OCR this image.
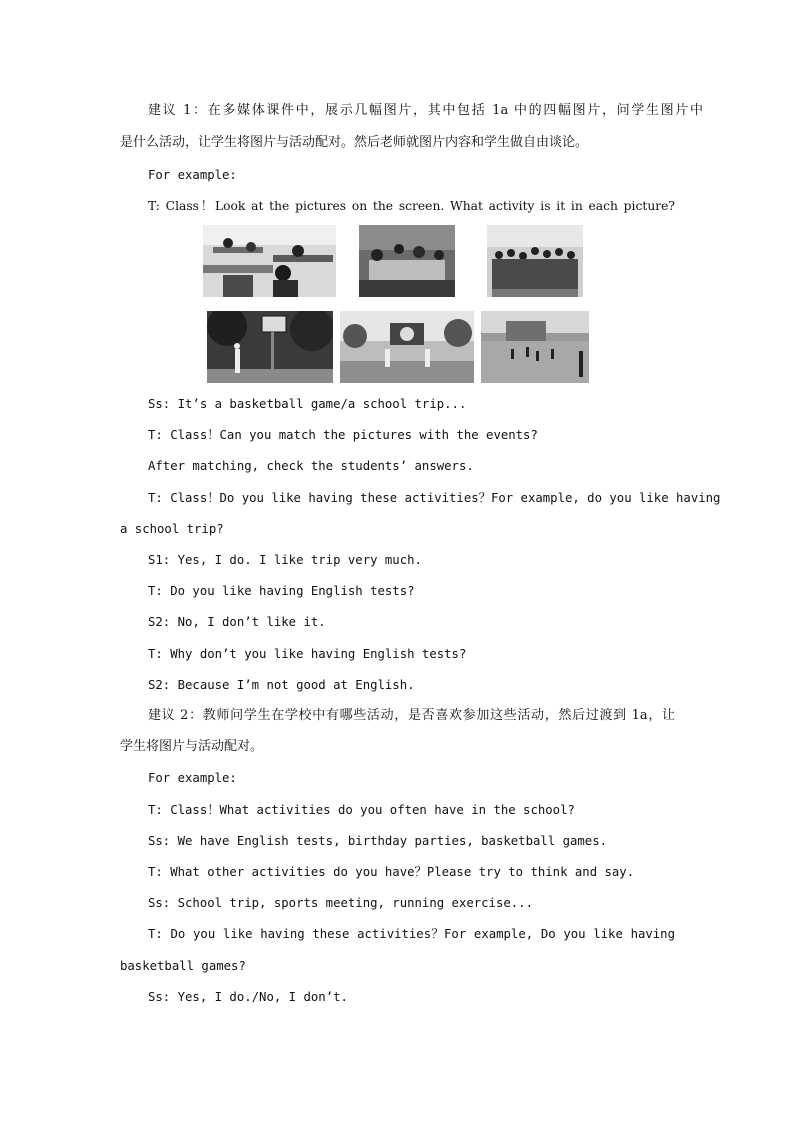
建议 1：在多媒体课件中，展示几幅图片，其中包括 1a 中的四幅图片，问学生图片中
是什么活动，让学生将图片与活动配对。然后老师就图片内容和学生做自由谈论。
For example:
T: Class！Look at the pictures on the screen. What activity is it in each picture?
Ss: It’s a basketball game/a school trip...
T: Class！Can you match the pictures with the events?
After matching, check the students’ answers.
T: Class！Do you like having these activities？For example, do you like having
a school trip?
S1: Yes, I do. I like trip very much.
T: Do you like having English tests?
S2: No, I don’t like it.
T: Why don’t you like having English tests?
S2: Because I’m not good at English.
建议 2：教师问学生在学校中有哪些活动，是否喜欢参加这些活动，然后过渡到 1a，让
学生将图片与活动配对。
For example:
T: Class！What activities do you often have in the school?
Ss: We have English tests, birthday parties, basketball games.
T: What other activities do you have？Please try to think and say.
Ss: School trip, sports meeting, running exercise...
T: Do you like having these activities？For example, Do you like having
basketball games?
Ss: Yes, I do./No, I don’t.
